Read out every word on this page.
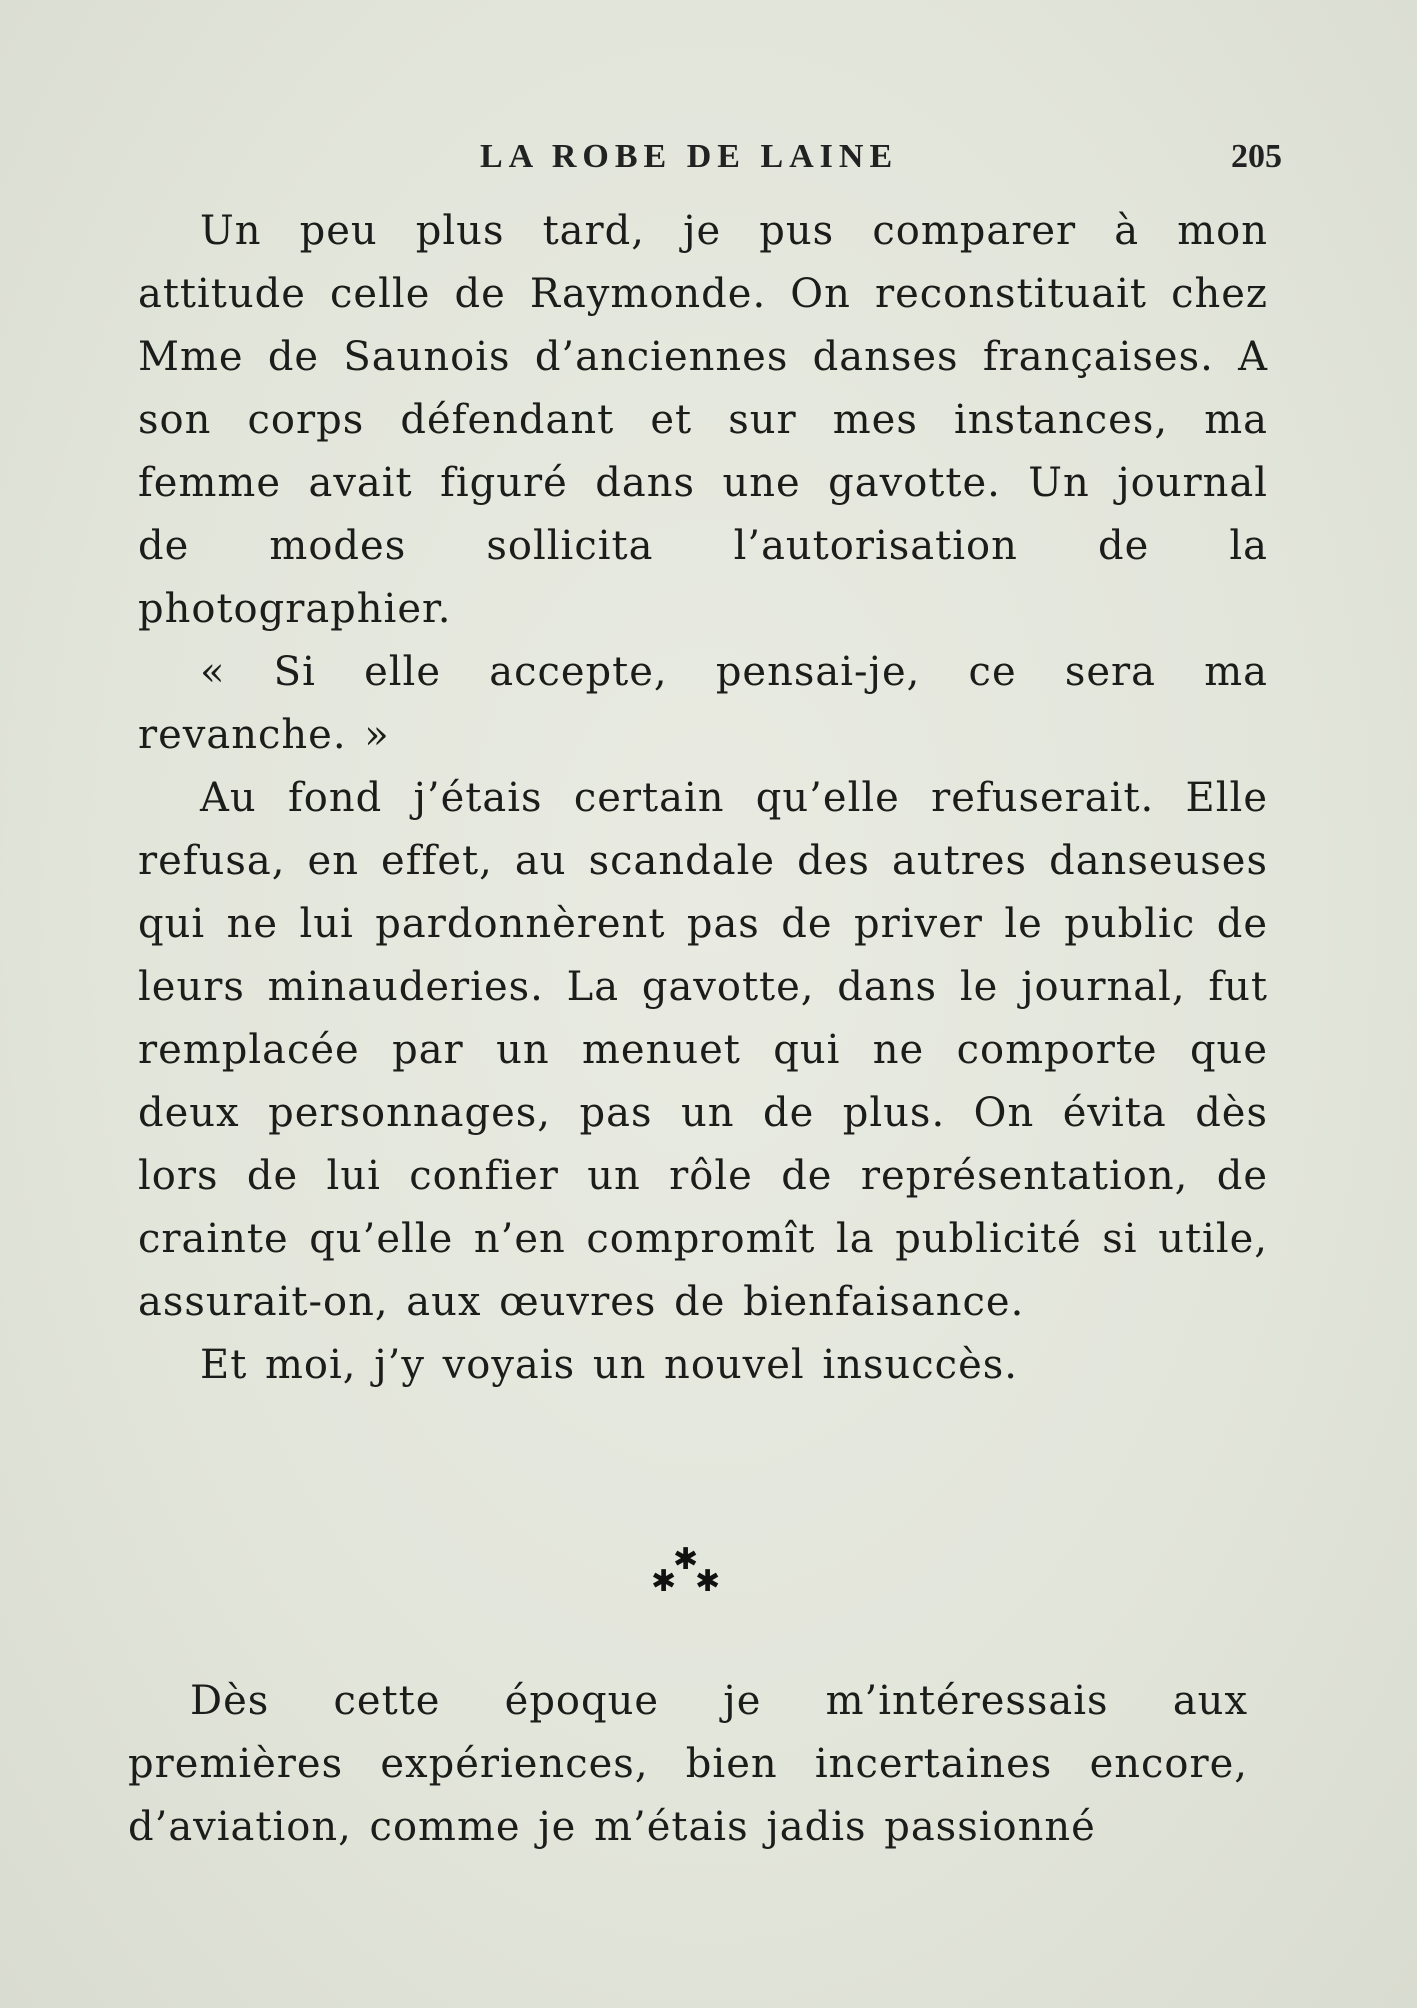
LA ROBE DE LAINE	205

Un peu plus tard, je pus comparer à mon attitude celle de Raymonde. On reconstituait chez Mme de Saunois d’anciennes danses françaises. A son corps défendant et sur mes instances, ma femme avait figuré dans une gavotte. Un journal de modes sollicita l’autorisation de la photographier.

« Si elle accepte, pensai-je, ce sera ma revanche. »

Au fond j’étais certain qu’elle refuserait. Elle refusa, en effet, au scandale des autres danseuses qui ne lui pardonnèrent pas de priver le public de leurs minauderies. La gavotte, dans le journal, fut remplacée par un menuet qui ne comporte que deux personnages, pas un de plus. On évita dès lors de lui confier un rôle de représentation, de crainte qu’elle n’en compromît la publicité si utile, assurait-on, aux œuvres de bienfaisance.

Et moi, j’y voyais un nouvel insuccès.

✱
✱ ✱

Dès cette époque je m’intéressais aux premières expériences, bien incertaines encore, d’aviation, comme je m’étais jadis passionné
